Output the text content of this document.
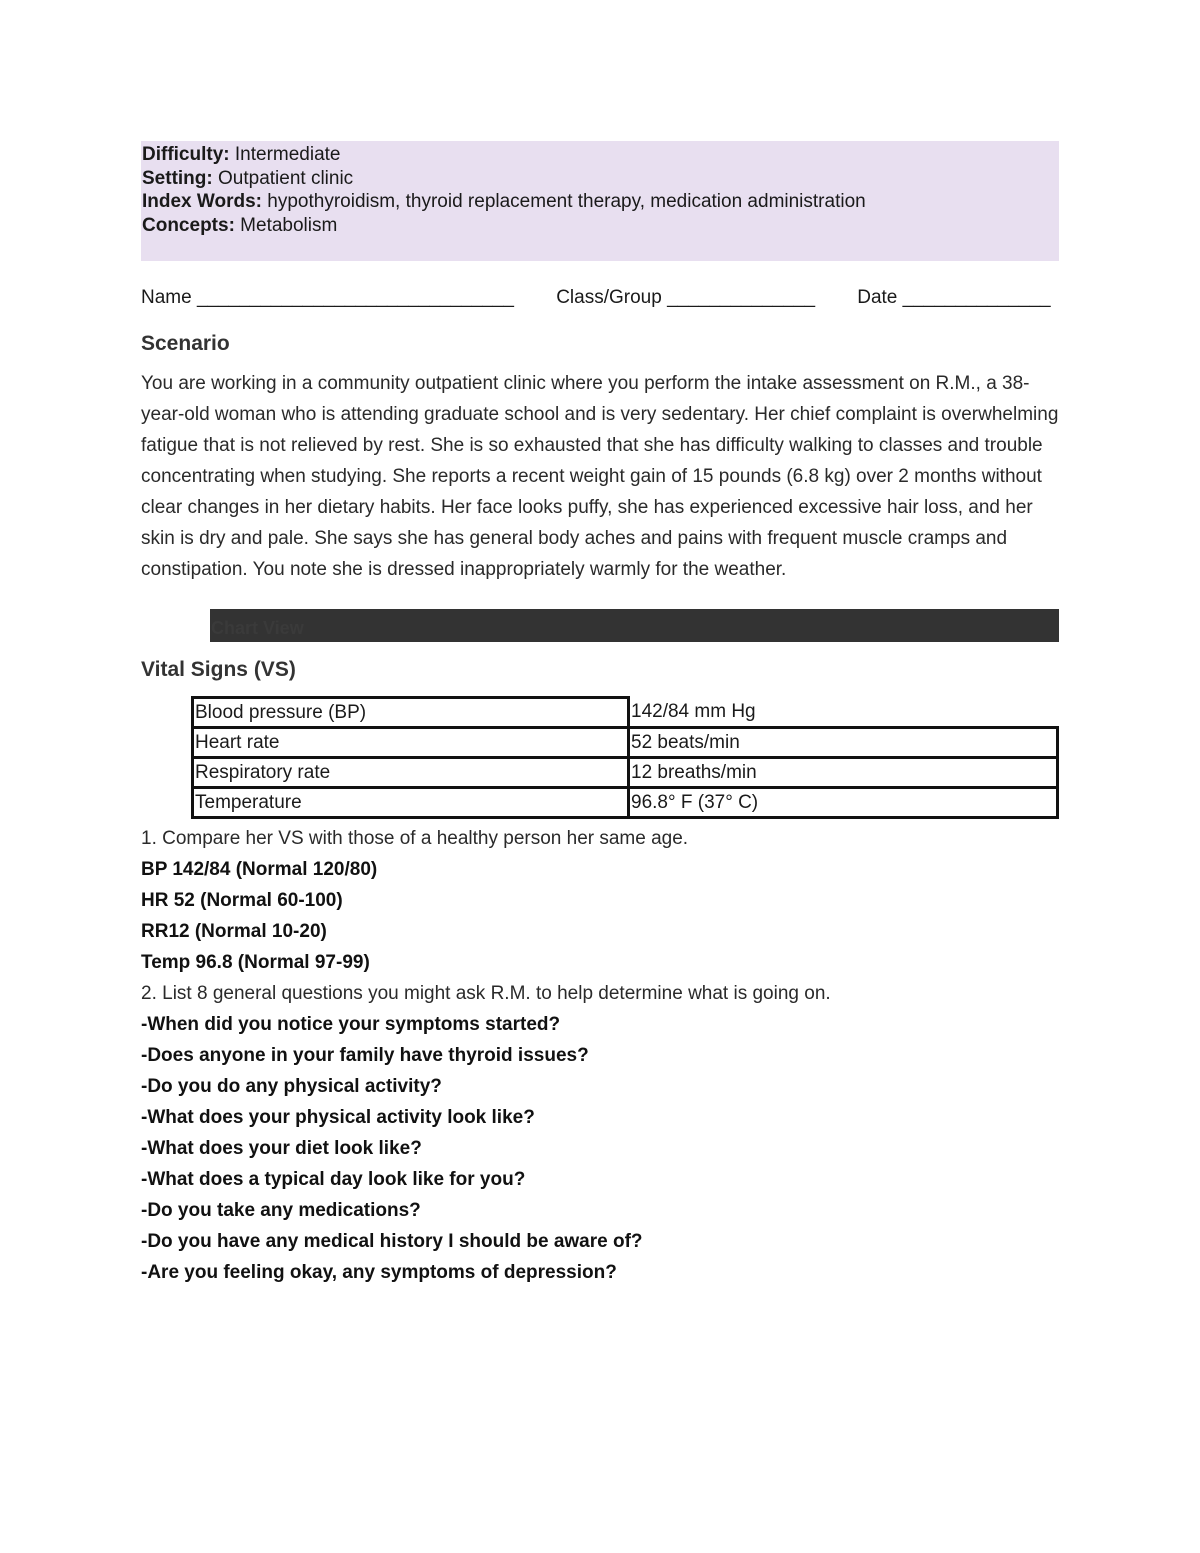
Difficulty: Intermediate
Setting: Outpatient clinic
Index Words: hypothyroidism, thyroid replacement therapy, medication administration
Concepts: Metabolism
Name ______________________________        Class/Group ______________        Date ______________
Scenario
You are working in a community outpatient clinic where you perform the intake assessment on R.M., a 38-year-old woman who is attending graduate school and is very sedentary. Her chief complaint is overwhelming fatigue that is not relieved by rest. She is so exhausted that she has difficulty walking to classes and trouble concentrating when studying. She reports a recent weight gain of 15 pounds (6.8 kg) over 2 months without clear changes in her dietary habits. Her face looks puffy, she has experienced excessive hair loss, and her skin is dry and pale. She says she has general body aches and pains with frequent muscle cramps and constipation. You note she is dressed inappropriately warmly for the weather.
Chart View
Vital Signs (VS)
Blood pressure (BP)	142/84 mm Hg
Heart rate	52 beats/min
Respiratory rate	12 breaths/min
Temperature	96.8° F (37° C)
1. Compare her VS with those of a healthy person her same age.
BP 142/84 (Normal 120/80)
HR 52 (Normal 60-100)
RR12 (Normal 10-20)
Temp 96.8 (Normal 97-99)
2. List 8 general questions you might ask R.M. to help determine what is going on.
-When did you notice your symptoms started?
-Does anyone in your family have thyroid issues?
-Do you do any physical activity?
-What does your physical activity look like?
-What does your diet look like?
-What does a typical day look like for you?
-Do you take any medications?
-Do you have any medical history I should be aware of?
-Are you feeling okay, any symptoms of depression?
